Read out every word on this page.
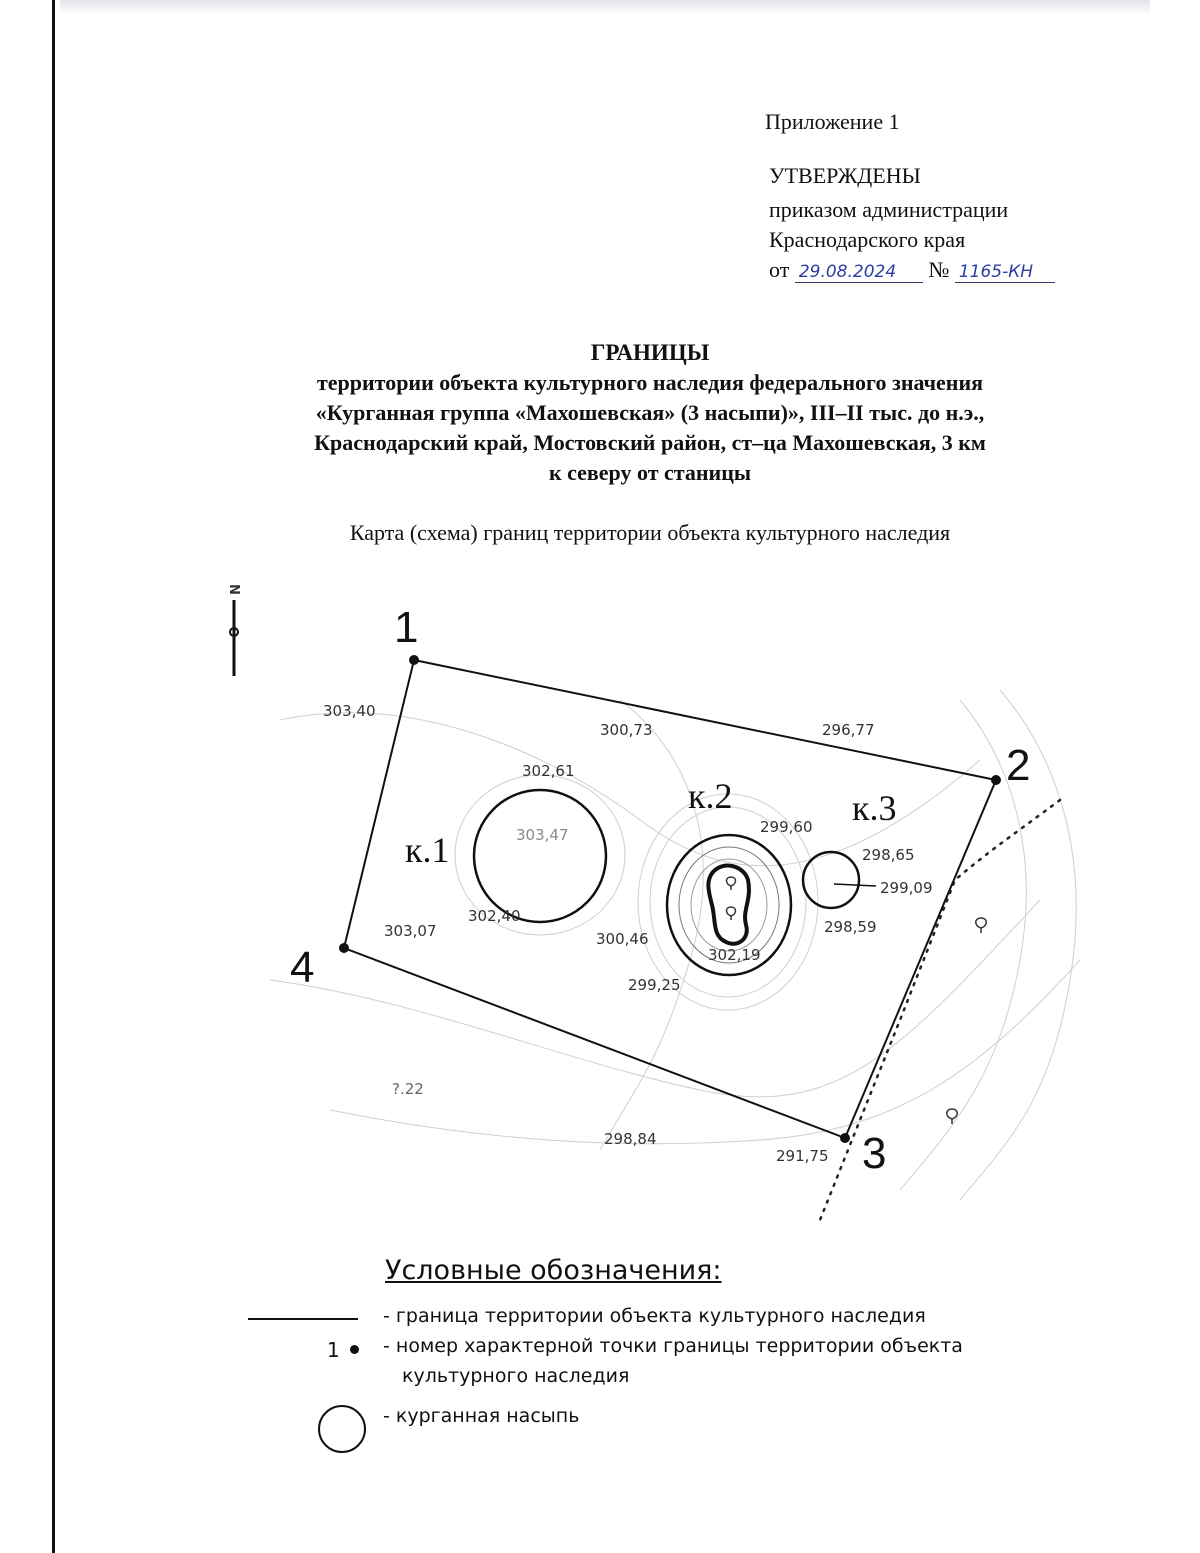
Приложение 1
УТВЕРЖДЕНЫ
приказом администрации
Краснодарского края
от 29.08.2024 № 1165-КН
ГРАНИЦЫ
территории объекта культурного наследия федерального значения
«Курганная группа «Махошевская» (3 насыпи)», III–II тыс. до н.э.,
Краснодарский край, Мостовский район, ст–ца Махошевская, 3 км
к северу от станицы
Карта (схема) границ территории объекта культурного наследия
N
1
2
3
4
к.1
к.2	к.3
303,40
300,73	296,77
302,61
303,47
302,40
303,07
299,60
298,65
299,09
298,59
300,46
302,19
299,25
?.22
298,84
291,75
Условные обозначения:
- граница территории объекта культурного наследия
1 - номер характерной точки границы территории объекта
культурного наследия
- курганная насыпь
